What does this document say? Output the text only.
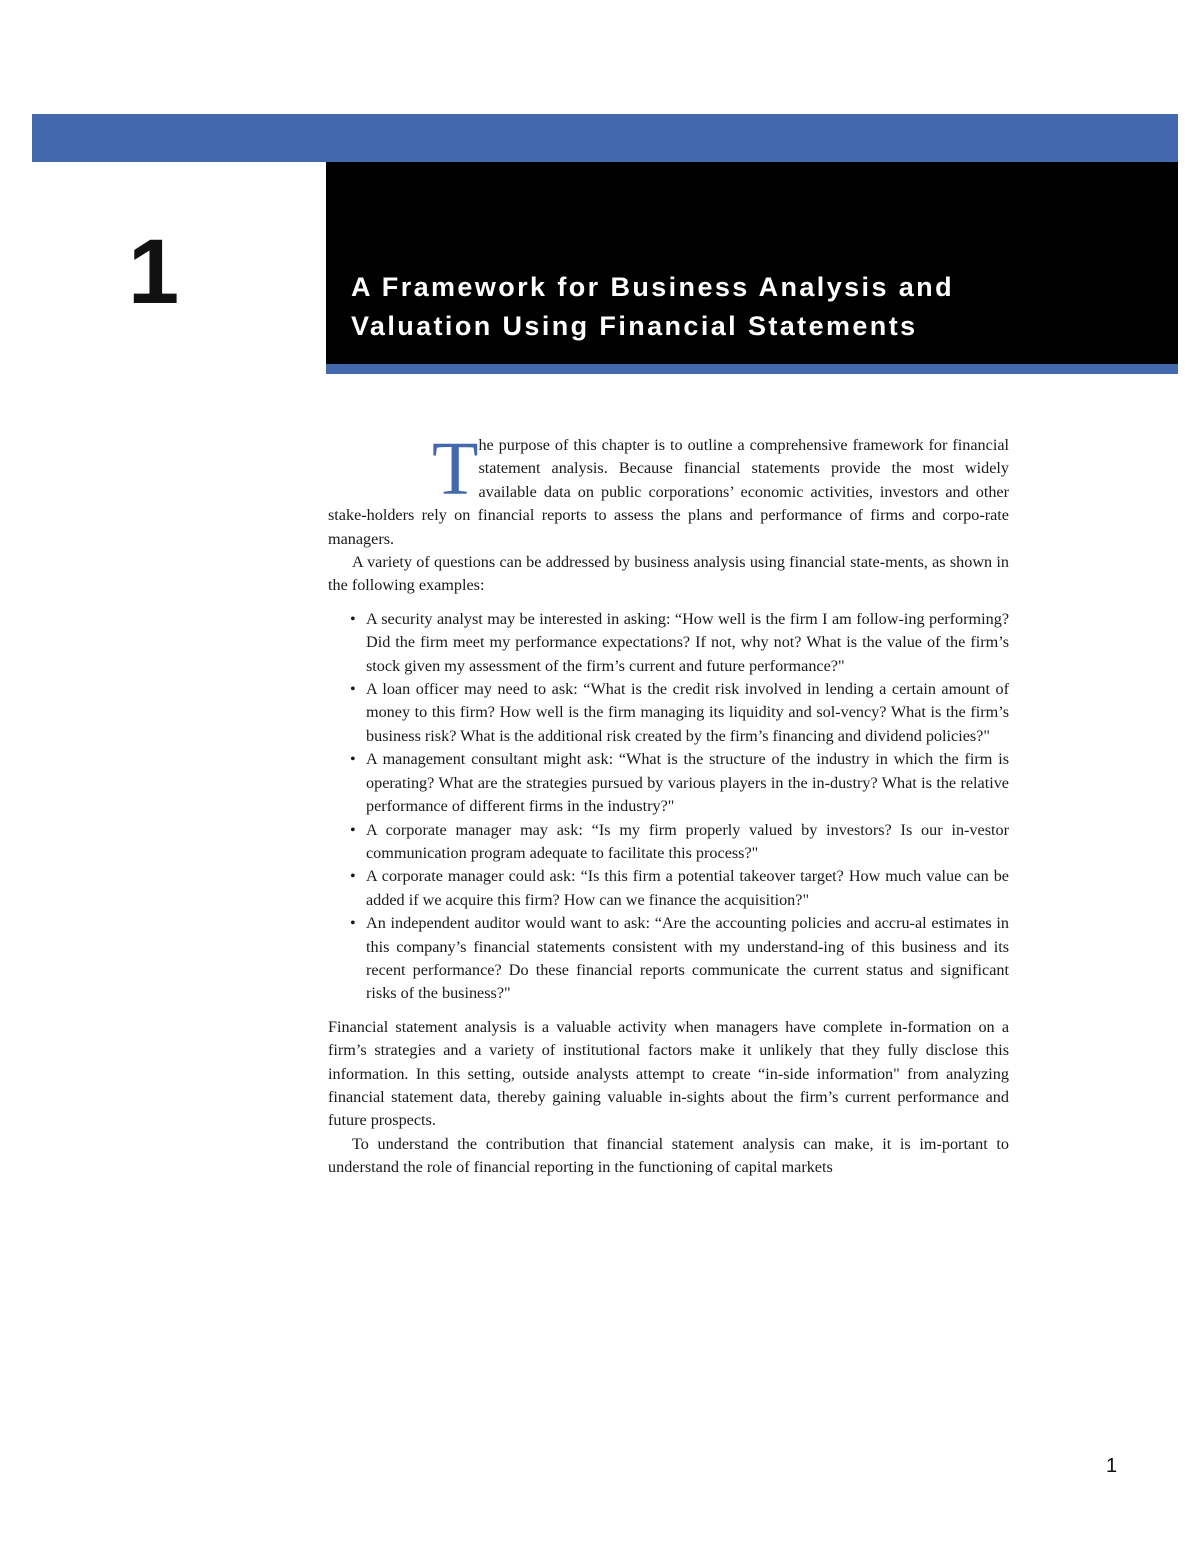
1	A Framework for Business Analysis and
Valuation Using Financial Statements

The purpose of this chapter is to outline a comprehensive framework for financial statement analysis. Because financial statements provide the most widely available data on public corporations’ economic activities, investors and other stake-holders rely on financial reports to assess the plans and performance of firms and corpo-rate managers.

A variety of questions can be addressed by business analysis using financial state-ments, as shown in the following examples:

• A security analyst may be interested in asking: “How well is the firm I am follow-ing performing? Did the firm meet my performance expectations? If not, why not? What is the value of the firm’s stock given my assessment of the firm’s current and future performance?"
• A loan officer may need to ask: “What is the credit risk involved in lending a certain amount of money to this firm? How well is the firm managing its liquidity and sol-vency? What is the firm’s business risk? What is the additional risk created by the firm’s financing and dividend policies?"
• A management consultant might ask: “What is the structure of the industry in which the firm is operating? What are the strategies pursued by various players in the in-dustry? What is the relative performance of different firms in the industry?"
• A corporate manager may ask: “Is my firm properly valued by investors? Is our in-vestor communication program adequate to facilitate this process?"
• A corporate manager could ask: “Is this firm a potential takeover target? How much value can be added if we acquire this firm? How can we finance the acquisition?"
• An independent auditor would want to ask: “Are the accounting policies and accru-al estimates in this company’s financial statements consistent with my understand-ing of this business and its recent performance? Do these financial reports communicate the current status and significant risks of the business?"

Financial statement analysis is a valuable activity when managers have complete in-formation on a firm’s strategies and a variety of institutional factors make it unlikely that they fully disclose this information. In this setting, outside analysts attempt to create “in-side information" from analyzing financial statement data, thereby gaining valuable in-sights about the firm’s current performance and future prospects.

To understand the contribution that financial statement analysis can make, it is im-portant to understand the role of financial reporting in the functioning of capital markets

1
